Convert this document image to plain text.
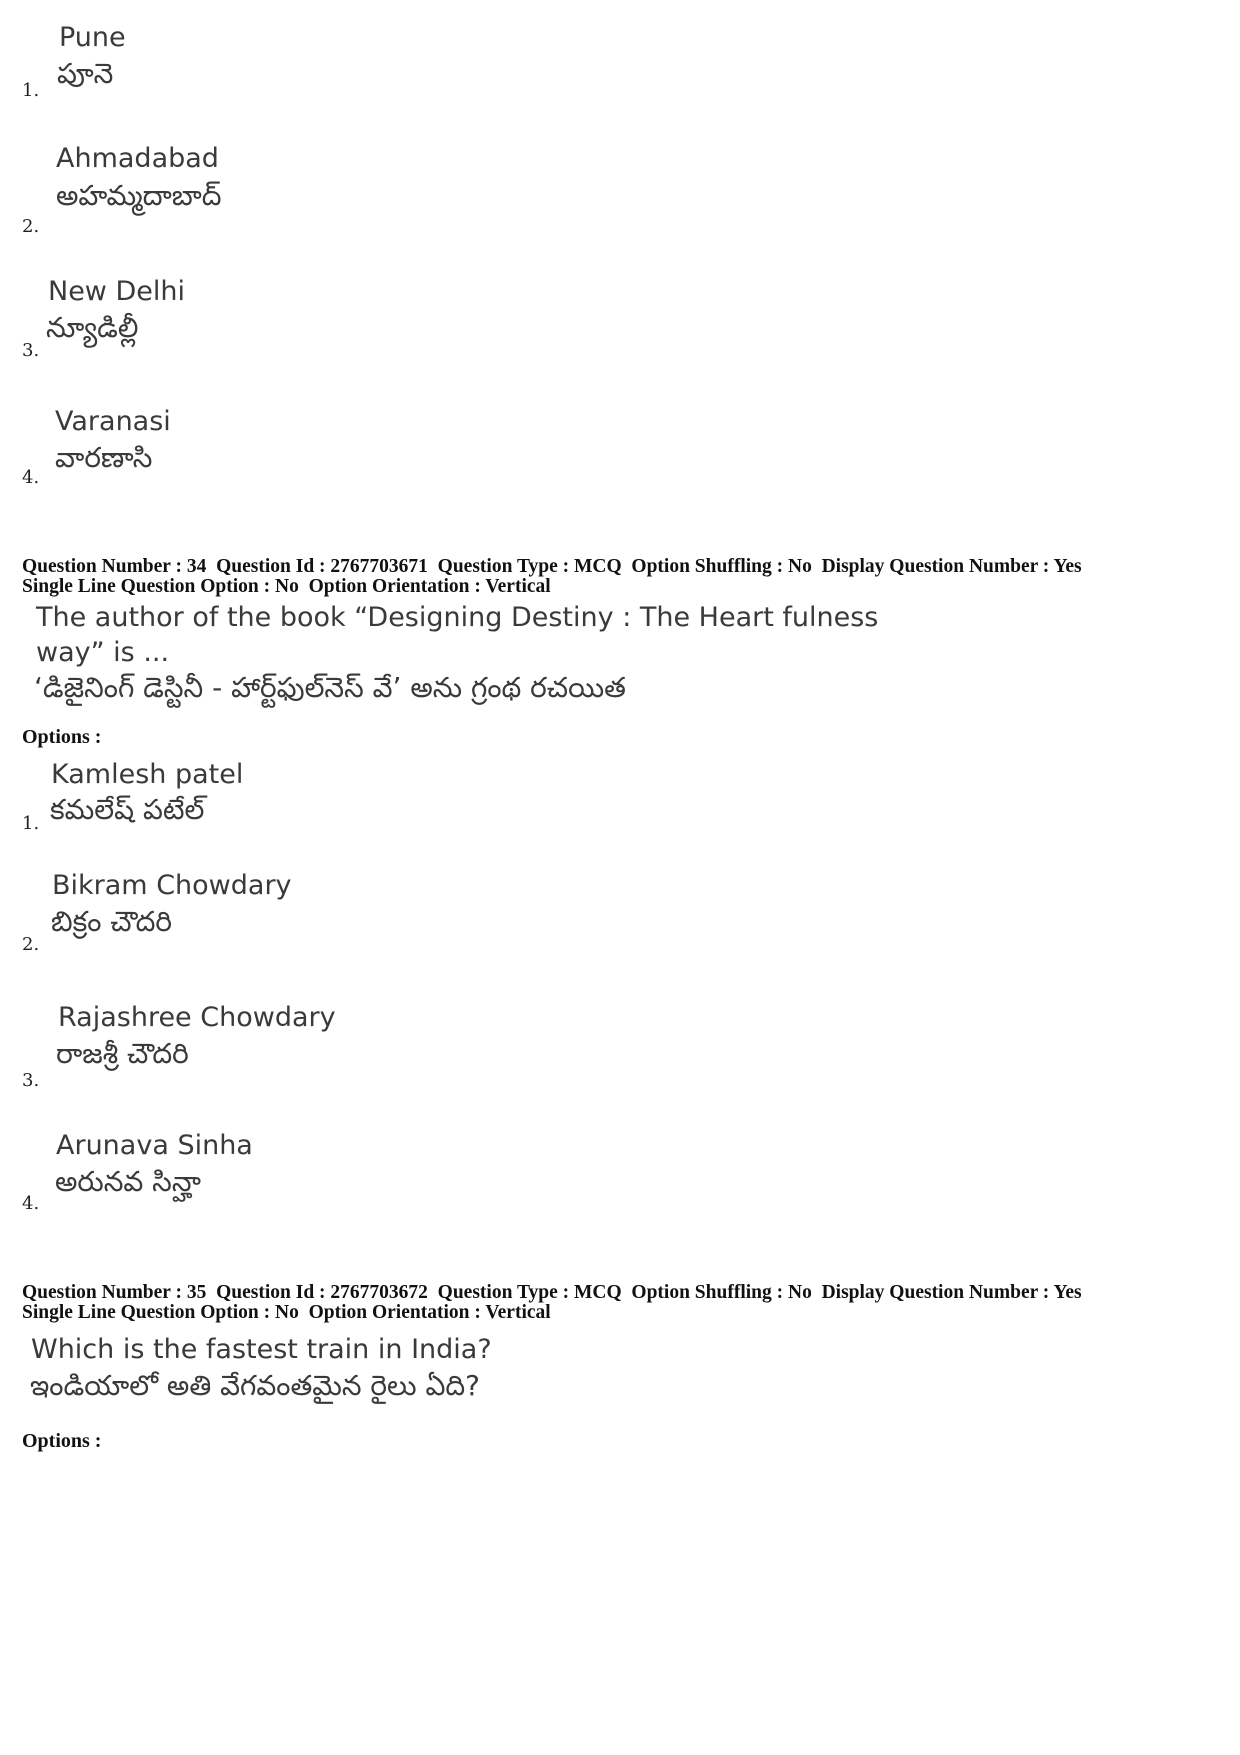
Pune
పూనె
1.
Ahmadabad
అహమ్మదాబాద్
2.
New Delhi
న్యూడిల్లీ
3.
Varanasi
వారణాసి
4.
Question Number : 34  Question Id : 2767703671  Question Type : MCQ  Option Shuffling : No  Display Question Number : Yes
Single Line Question Option : No  Option Orientation : Vertical
The author of the book “Designing Destiny : The Heart fulness
way” is ...
‘డిజైనింగ్ డెస్టినీ - హార్ట్‌ఫుల్‌నెస్ వే’ అను గ్రంథ రచయిత
Options :
Kamlesh patel
కమలేష్ పటేల్
1.
Bikram Chowdary
బిక్రం చౌదరి
2.
Rajashree Chowdary
రాజశ్రీ చౌదరి
3.
Arunava Sinha
అరునవ సిన్హా
4.
Question Number : 35  Question Id : 2767703672  Question Type : MCQ  Option Shuffling : No  Display Question Number : Yes
Single Line Question Option : No  Option Orientation : Vertical
Which is the fastest train in India?
ఇండియాలో అతి వేగవంతమైన రైలు ఏది?
Options :
